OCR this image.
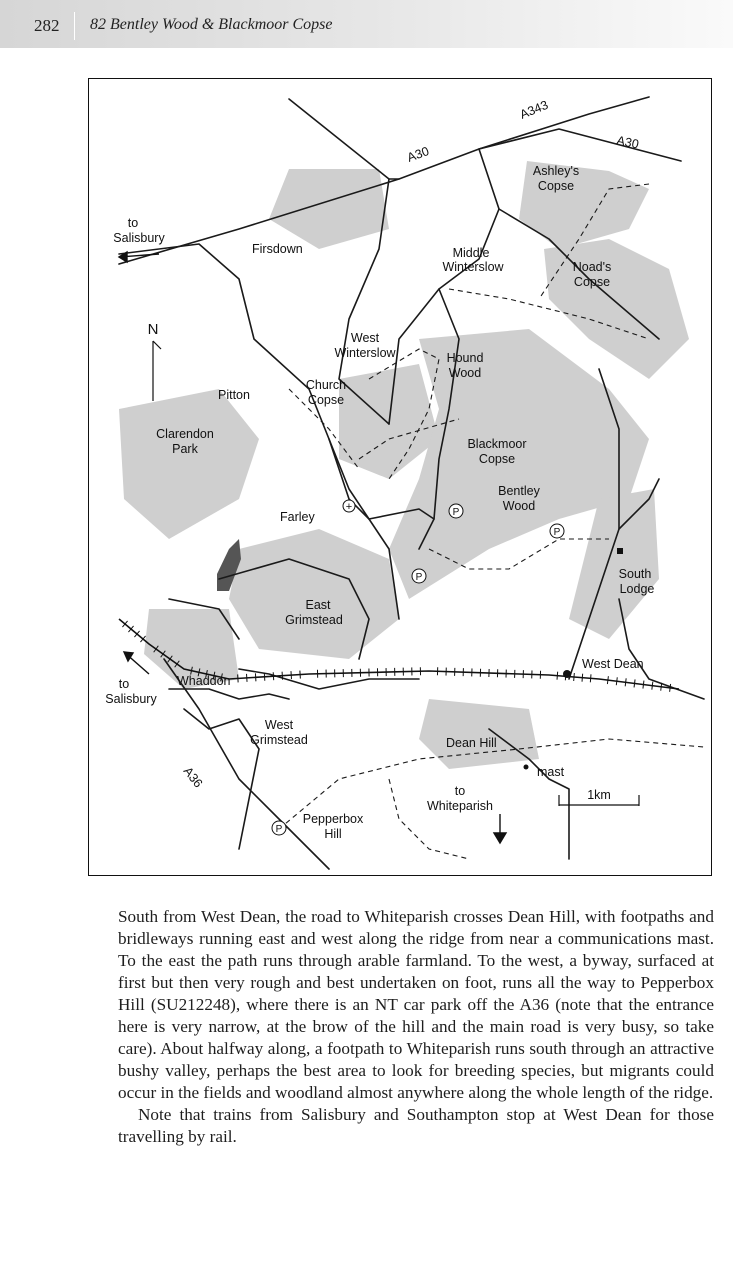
282 82 Bentley Wood & Blackmoor Copse
+	P
P
P
P
A343
A30
A30
A36
to
Salisbury
Firsdown
Ashley's
Copse
Middle
Winterslow	Noad's
Copse
N	West
Winterslow	Hound
Wood
Pitton
Church
Copse
Clarendon
Park	Blackmoor
Copse
Bentley
Wood
Farley
South
Lodge
East
Grimstead
West Dean
to
Salisbury
Whaddon
West
Grimstead	Dean Hill
mast
to
Whiteparish
1km
Pepperbox
Hill

South from West Dean, the road to Whiteparish crosses Dean Hill, with footpaths and bridleways running east and west along the ridge from near a communications mast. To the east the path runs through arable farmland. To the west, a byway, surfaced at first but then very rough and best undertaken on foot, runs all the way to Pepperbox Hill (SU212248), where there is an NT car park off the A36 (note that the entrance here is very narrow, at the brow of the hill and the main road is very busy, so take care). About halfway along, a footpath to Whiteparish runs south through an attractive bushy valley, perhaps the best area to look for breeding species, but migrants could occur in the fields and woodland almost anywhere along the whole length of the ridge.

Note that trains from Salisbury and Southampton stop at West Dean for those travelling by rail.
